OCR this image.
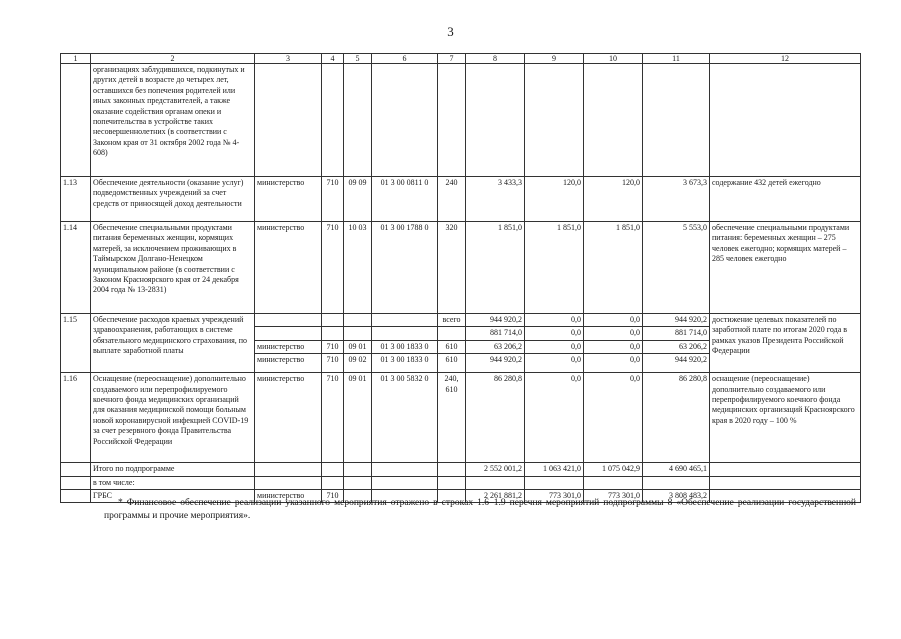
3
1	2	3	4	5	6	7	8	9	10	11	12
	организациях заблудившихся, подкинутых и других детей в возрасте до четырех лет, оставшихся без попечения родителей или иных законных представителей, а также оказание содействия органам опеки и попечительства в устройстве таких несовершеннолетних (в соответствии с Законом края от 31 октября 2002 года № 4-608)										
1.13	Обеспечение деятельности (оказание услуг) подведомственных учреждений за счет средств от приносящей доход деятельности	министерство	710	09 09	01 3 00 0811 0	240	3 433,3	120,0	120,0	3 673,3	содержание 432 детей ежегодно
1.14	Обеспечение специальными продуктами питания беременных женщин, кормящих матерей, за исключением проживающих в Таймырском Долгано-Ненецком муниципальном районе (в соответствии с Законом Красноярского края от 24 декабря 2004 года № 13-2831)	министерство	710	10 03	01 3 00 1788 0	320	1 851,0	1 851,0	1 851,0	5 553,0	обеспечение специальными продуктами питания: беременных женщин – 275 человек ежегодно; кормящих матерей – 285 человек ежегодно
1.15	Обеспечение расходов краевых учреждений здравоохранения, работающих в системе обязательного медицинского страхования, по выплате заработной платы					всего	944 920,2	0,0	0,0	944 920,2	достижение целевых показателей по заработной плате по итогам 2020 года в рамках указов Президента Российской Федерации
							881 714,0	0,0	0,0	881 714,0	
		министерство	710	09 01	01 3 00 1833 0	610	63 206,2	0,0	0,0	63 206,2	
		министерство	710	09 02	01 3 00 1833 0	610	944 920,2	0,0	0,0	944 920,2	
1.16	Оснащение (переоснащение) дополнительно создаваемого или перепрофилируемого коечного фонда медицинских организаций для оказания медицинской помощи больным новой коронавирусной инфекцией COVID-19 за счет резервного фонда Правительства Российской Федерации	министерство	710	09 01	01 3 00 5832 0	240, 610	86 280,8	0,0	0,0	86 280,8	оснащение (переоснащение) дополнительно создаваемого или перепрофилируемого коечного фонда медицинских организаций Красноярского края в 2020 году – 100 %
	Итого по подпрограмме						2 552 001,2	1 063 421,0	1 075 042,9	4 690 465,1	
	в том числе:										
	ГРБС	министерство	710				2 261 881,2	773 301,0	773 301,0	3 808 483,2	
* Финансовое обеспечение реализации указанного мероприятия отражено в строках 1.6–1.9 перечня мероприятий подпрограммы 8 «Обеспечение реализации государственной программы и прочие мероприятия».
